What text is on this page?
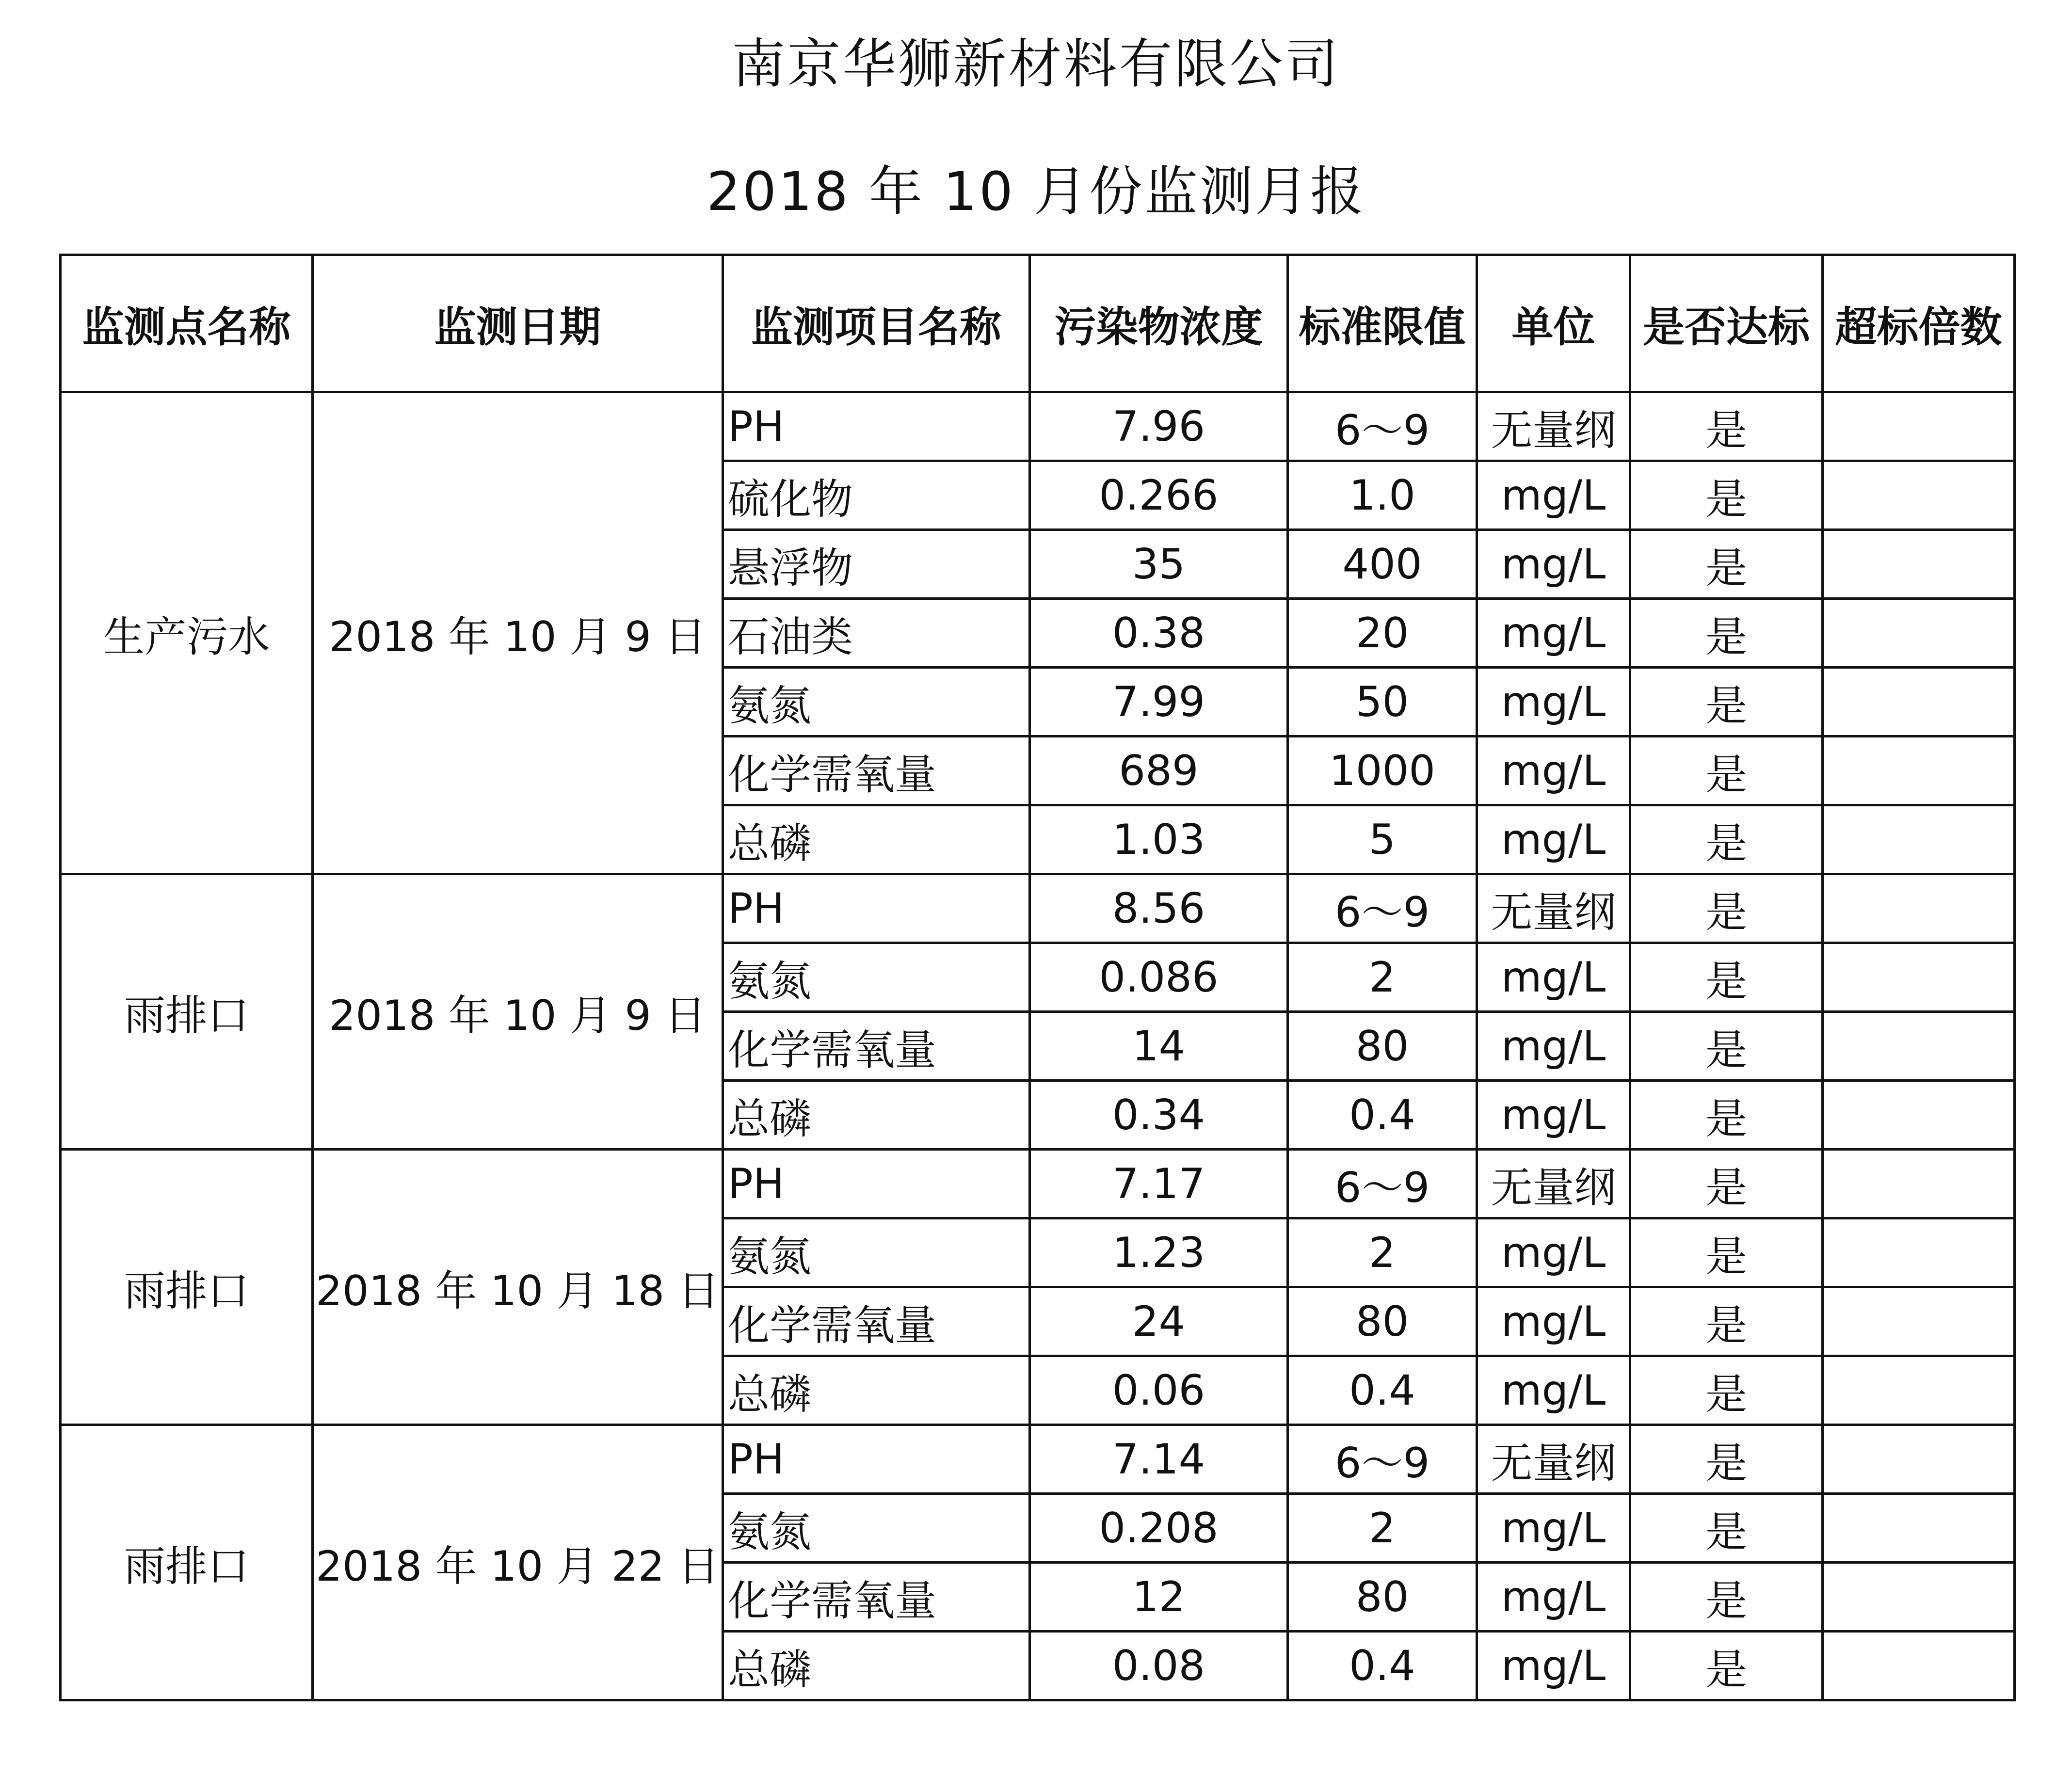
南京华狮新材料有限公司
2018 年 10 月份监测月报
监测点名称	监测日期	监测项目名称	污染物浓度	标准限值	单位	是否达标	超标倍数
生产污水	2018 年 10 月 9 日	PH	7.96	6～9	无量纲	是	
		硫化物	0.266	1.0	mg/L	是	
		悬浮物	35	400	mg/L	是	
		石油类	0.38	20	mg/L	是	
		氨氮	7.99	50	mg/L	是	
		化学需氧量	689	1000	mg/L	是	
		总磷	1.03	5	mg/L	是	
雨排口	2018 年 10 月 9 日	PH	8.56	6～9	无量纲	是	
		氨氮	0.086	2	mg/L	是	
		化学需氧量	14	80	mg/L	是	
		总磷	0.34	0.4	mg/L	是	
雨排口	2018 年 10 月 18 日	PH	7.17	6～9	无量纲	是	
		氨氮	1.23	2	mg/L	是	
		化学需氧量	24	80	mg/L	是	
		总磷	0.06	0.4	mg/L	是	
雨排口	2018 年 10 月 22 日	PH	7.14	6～9	无量纲	是	
		氨氮	0.208	2	mg/L	是	
		化学需氧量	12	80	mg/L	是	
		总磷	0.08	0.4	mg/L	是	
